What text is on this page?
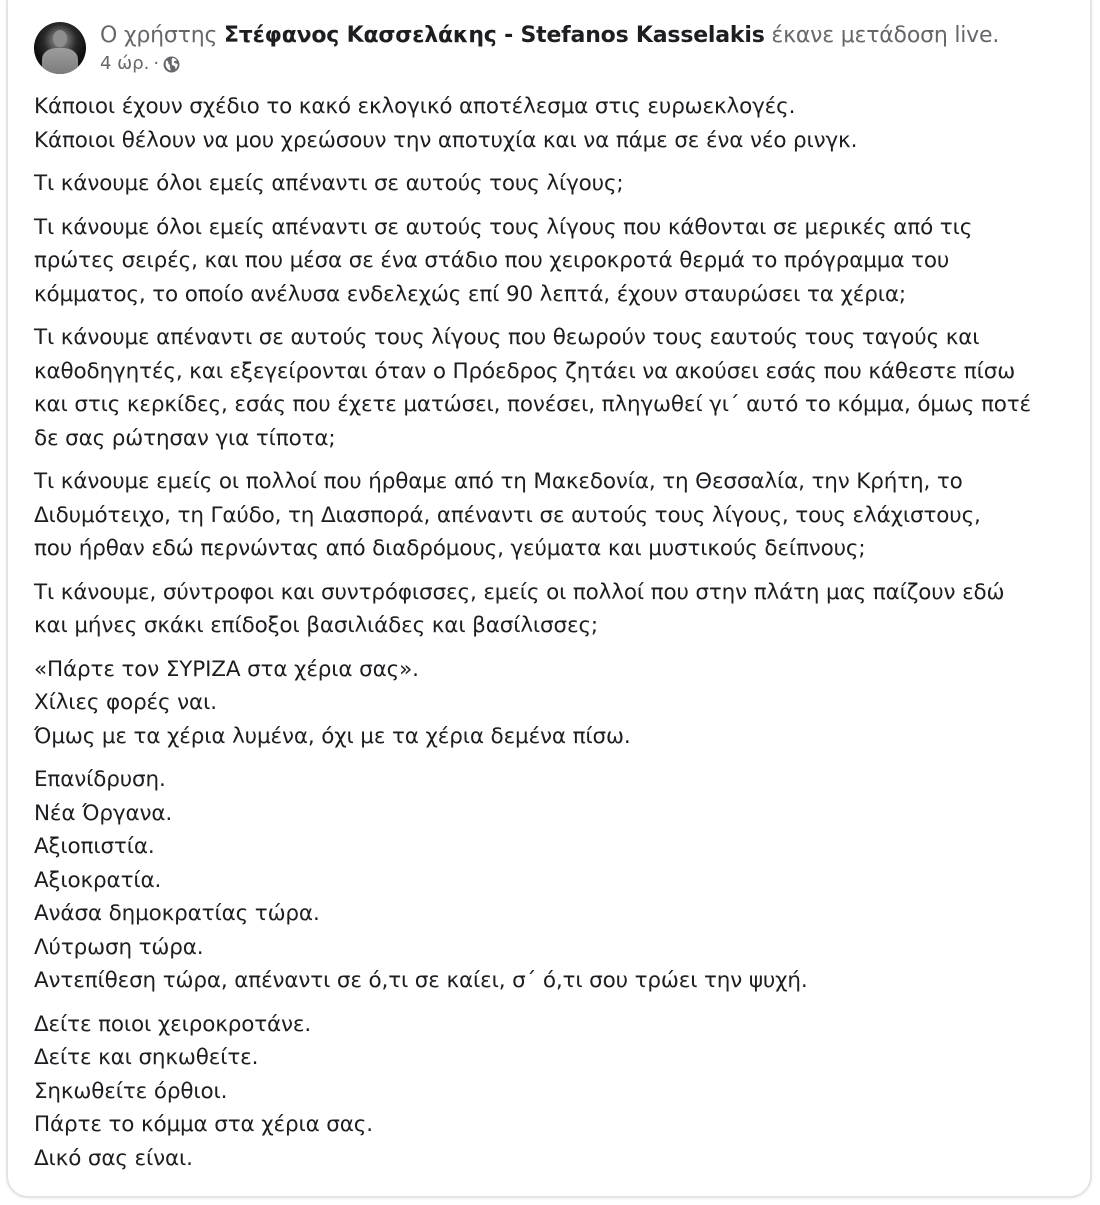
Ο χρήστης Στέφανος Κασσελάκης - Stefanos Kasselakis έκανε μετάδοση live.
4 ώρ. ·

Κάποιοι έχουν σχέδιο το κακό εκλογικό αποτέλεσμα στις ευρωεκλογές.
Κάποιοι θέλουν να μου χρεώσουν την αποτυχία και να πάμε σε ένα νέο ρινγκ.

Τι κάνουμε όλοι εμείς απέναντι σε αυτούς τους λίγους;

Τι κάνουμε όλοι εμείς απέναντι σε αυτούς τους λίγους που κάθονται σε μερικές από τις
πρώτες σειρές, και που μέσα σε ένα στάδιο που χειροκροτά θερμά το πρόγραμμα του
κόμματος, το οποίο ανέλυσα ενδελεχώς επί 90 λεπτά, έχουν σταυρώσει τα χέρια;

Τι κάνουμε απέναντι σε αυτούς τους λίγους που θεωρούν τους εαυτούς τους ταγούς και
καθοδηγητές, και εξεγείρονται όταν ο Πρόεδρος ζητάει να ακούσει εσάς που κάθεστε πίσω
και στις κερκίδες, εσάς που έχετε ματώσει, πονέσει, πληγωθεί γι΄ αυτό το κόμμα, όμως ποτέ
δε σας ρώτησαν για τίποτα;

Τι κάνουμε εμείς οι πολλοί που ήρθαμε από τη Μακεδονία, τη Θεσσαλία, την Κρήτη, το
Διδυμότειχο, τη Γαύδο, τη Διασπορά, απέναντι σε αυτούς τους λίγους, τους ελάχιστους,
που ήρθαν εδώ περνώντας από διαδρόμους, γεύματα και μυστικούς δείπνους;

Τι κάνουμε, σύντροφοι και συντρόφισσες, εμείς οι πολλοί που στην πλάτη μας παίζουν εδώ
και μήνες σκάκι επίδοξοι βασιλιάδες και βασίλισσες;

«Πάρτε τον ΣΥΡΙΖΑ στα χέρια σας».
Χίλιες φορές ναι.
Όμως με τα χέρια λυμένα, όχι με τα χέρια δεμένα πίσω.

Επανίδρυση.
Νέα Όργανα.
Αξιοπιστία.
Αξιοκρατία.
Ανάσα δημοκρατίας τώρα.
Λύτρωση τώρα.
Αντεπίθεση τώρα, απέναντι σε ό,τι σε καίει, σ΄ ό,τι σου τρώει την ψυχή.

Δείτε ποιοι χειροκροτάνε.
Δείτε και σηκωθείτε.
Σηκωθείτε όρθιοι.
Πάρτε το κόμμα στα χέρια σας.
Δικό σας είναι.
